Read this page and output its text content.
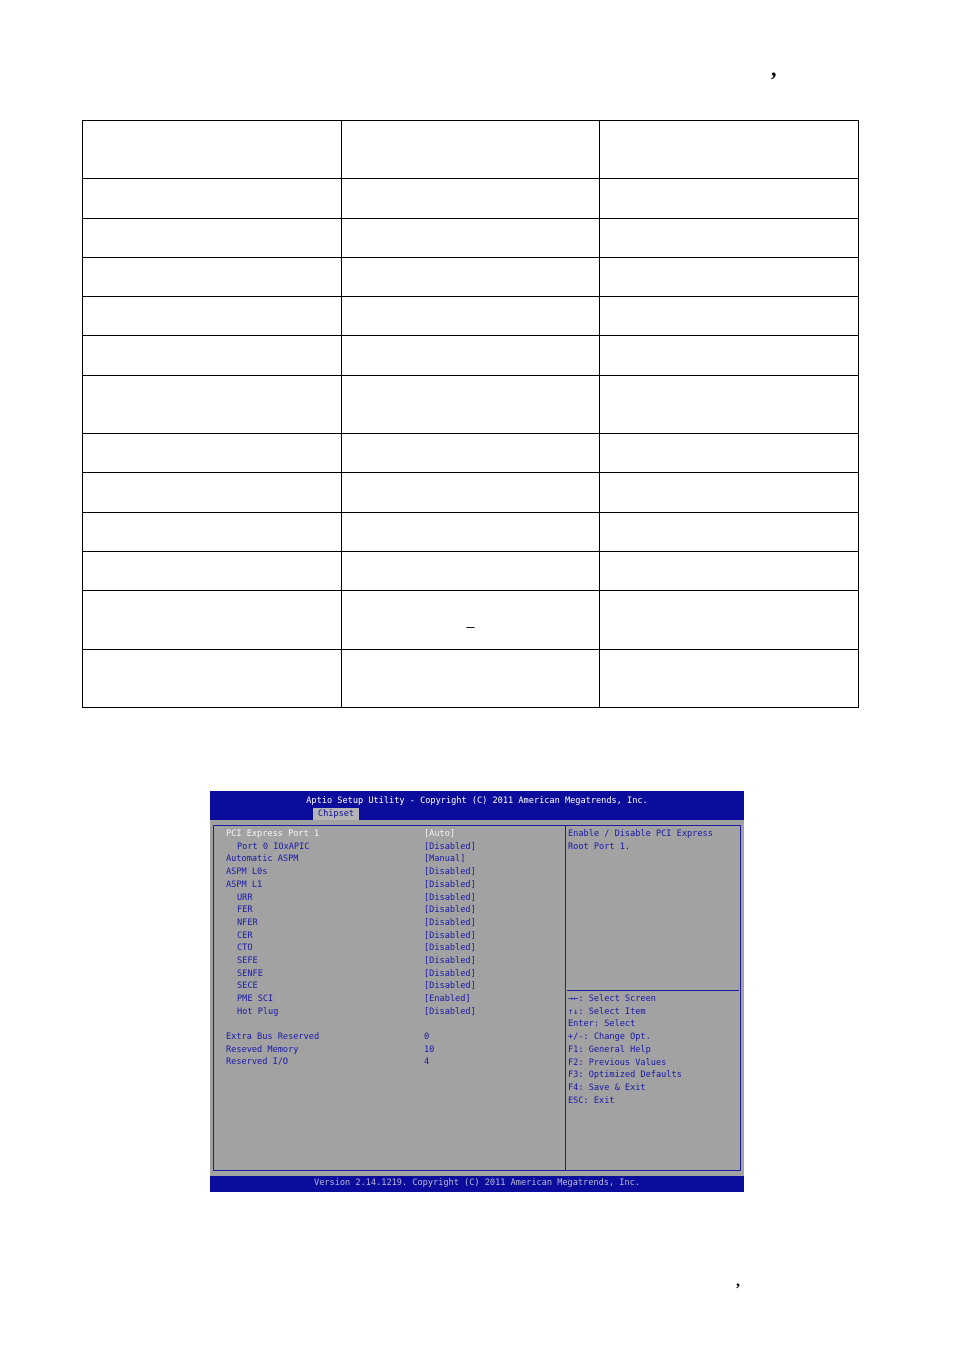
,

	_	

Aptio Setup Utility - Copyright (C) 2011 American Megatrends, Inc.
Chipset
PCI Express Port 1	[Auto]
Port 0 IOxAPIC	[Disabled]
Automatic ASPM	[Manual]
ASPM L0s	[Disabled]
ASPM L1	[Disabled]
URR	[Disabled]
FER	[Disabled]
NFER	[Disabled]
CER	[Disabled]
CTO	[Disabled]
SEFE	[Disabled]
SENFE	[Disabled]
SECE	[Disabled]
PME SCI	[Enabled]
Hot Plug	[Disabled]
Extra Bus Reserved	0
Reseved Memory	10
Reserved I/O	4
Enable / Disable PCI Express
Root Port 1.
→←: Select Screen
↑↓: Select Item
Enter: Select
+/-: Change Opt.
F1: General Help
F2: Previous Values
F3: Optimized Defaults
F4: Save & Exit
ESC: Exit
Version 2.14.1219. Copyright (C) 2011 American Megatrends, Inc.
,
